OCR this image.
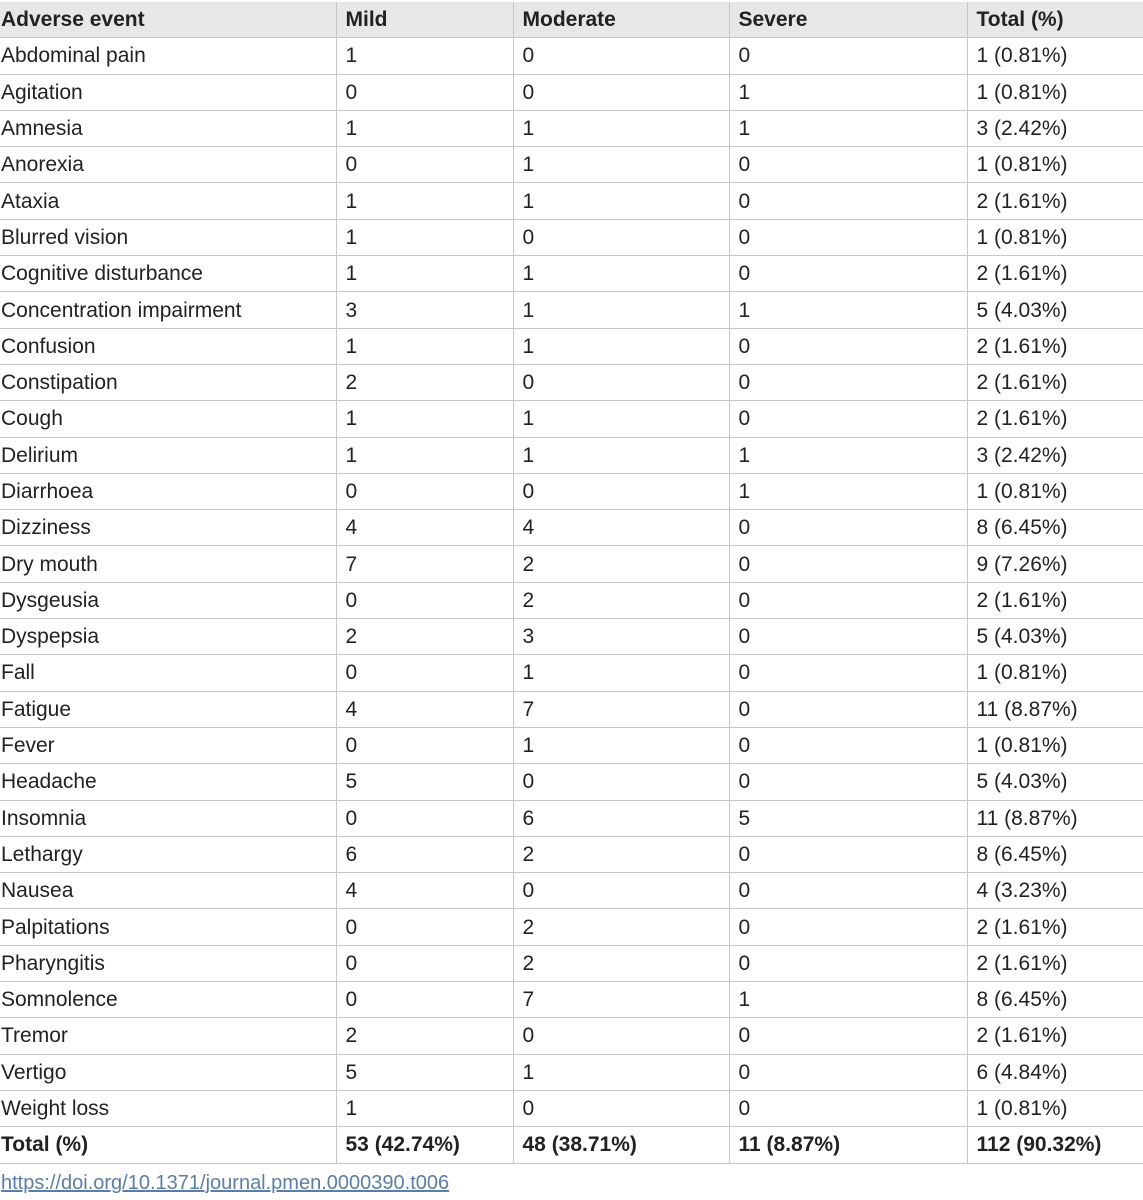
Adverse event	Mild	Moderate	Severe	Total (%)
Abdominal pain	1	0	0	1 (0.81%)
Agitation	0	0	1	1 (0.81%)
Amnesia	1	1	1	3 (2.42%)
Anorexia	0	1	0	1 (0.81%)
Ataxia	1	1	0	2 (1.61%)
Blurred vision	1	0	0	1 (0.81%)
Cognitive disturbance	1	1	0	2 (1.61%)
Concentration impairment	3	1	1	5 (4.03%)
Confusion	1	1	0	2 (1.61%)
Constipation	2	0	0	2 (1.61%)
Cough	1	1	0	2 (1.61%)
Delirium	1	1	1	3 (2.42%)
Diarrhoea	0	0	1	1 (0.81%)
Dizziness	4	4	0	8 (6.45%)
Dry mouth	7	2	0	9 (7.26%)
Dysgeusia	0	2	0	2 (1.61%)
Dyspepsia	2	3	0	5 (4.03%)
Fall	0	1	0	1 (0.81%)
Fatigue	4	7	0	11 (8.87%)
Fever	0	1	0	1 (0.81%)
Headache	5	0	0	5 (4.03%)
Insomnia	0	6	5	11 (8.87%)
Lethargy	6	2	0	8 (6.45%)
Nausea	4	0	0	4 (3.23%)
Palpitations	0	2	0	2 (1.61%)
Pharyngitis	0	2	0	2 (1.61%)
Somnolence	0	7	1	8 (6.45%)
Tremor	2	0	0	2 (1.61%)
Vertigo	5	1	0	6 (4.84%)
Weight loss	1	0	0	1 (0.81%)
Total (%)	53 (42.74%)	48 (38.71%)	11 (8.87%)	112 (90.32%)
https://doi.org/10.1371/journal.pmen.0000390.t006
